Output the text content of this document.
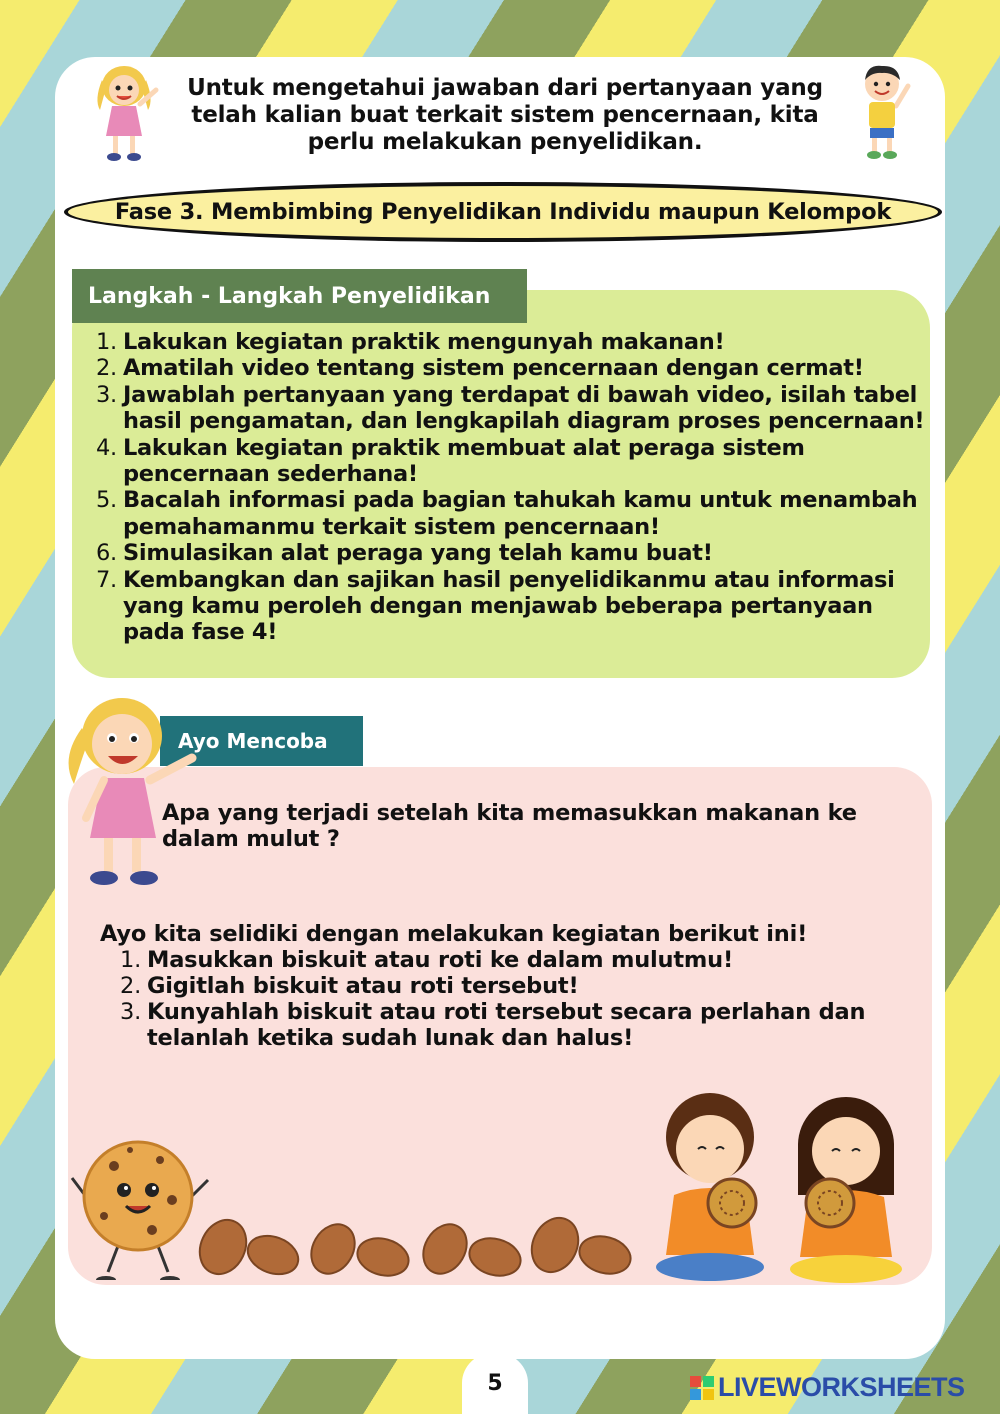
Untuk mengetahui jawaban dari pertanyaan yang telah kalian buat terkait sistem pencernaan, kita perlu melakukan penyelidikan.
Fase 3. Membimbing Penyelidikan Individu maupun Kelompok
Langkah - Langkah Penyelidikan
1. Lakukan kegiatan praktik mengunyah makanan!
2. Amatilah video tentang sistem pencernaan dengan cermat!
3. Jawablah pertanyaan yang terdapat di bawah video, isilah tabel hasil pengamatan, dan lengkapilah diagram proses pencernaan!
4. Lakukan kegiatan praktik membuat alat peraga sistem pencernaan sederhana!
5. Bacalah informasi pada bagian tahukah kamu untuk menambah pemahamanmu terkait sistem pencernaan!
6. Simulasikan alat peraga yang telah kamu buat!
7. Kembangkan dan sajikan hasil penyelidikanmu atau informasi yang kamu peroleh dengan menjawab beberapa pertanyaan pada fase 4!
Ayo Mencoba
Apa yang terjadi setelah kita memasukkan makanan ke dalam mulut ?
Ayo kita selidiki dengan melakukan kegiatan berikut ini!
1. Masukkan biskuit atau roti ke dalam mulutmu!
2. Gigitlah biskuit atau roti tersebut!
3. Kunyahlah biskuit atau roti tersebut secara perlahan dan telanlah ketika sudah lunak dan halus!
5	LIVEWORKSHEETS
